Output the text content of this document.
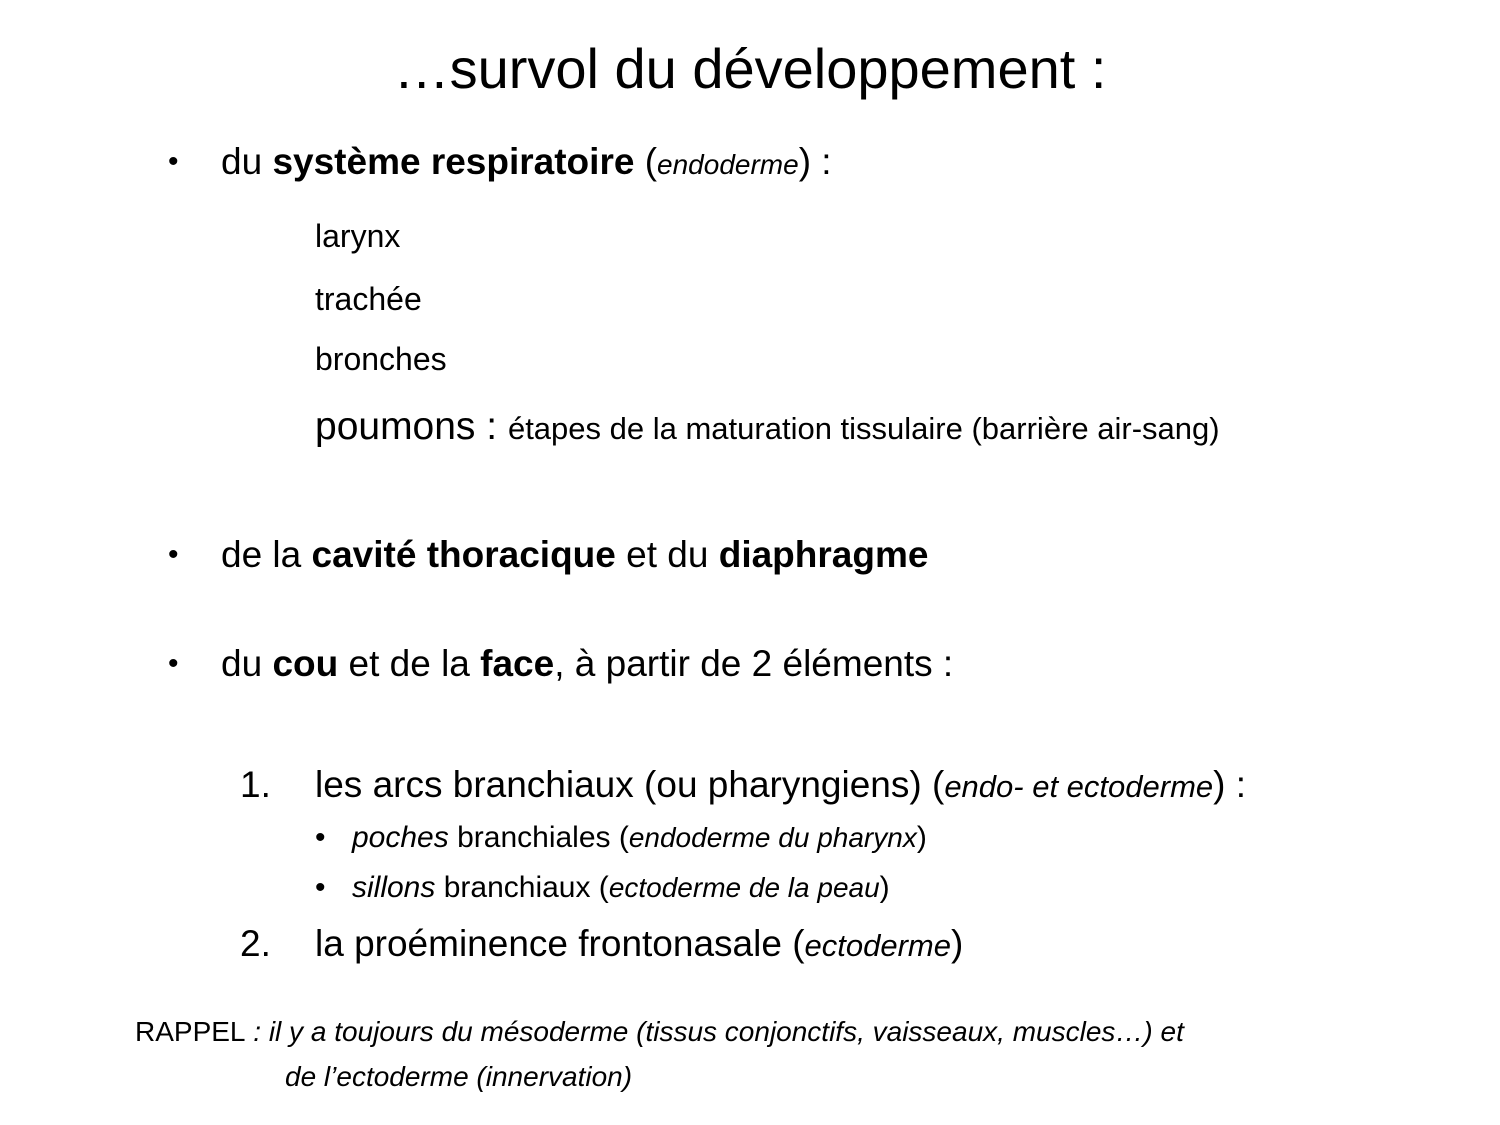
…survol du développement :
• du système respiratoire (endoderme) :
larynx
trachée
bronches
poumons : étapes de la maturation tissulaire (barrière air-sang)
• de la cavité thoracique et du diaphragme
• du cou et de la face, à partir de 2 éléments :
1. les arcs branchiaux (ou pharyngiens) (endo- et ectoderme) :
• poches branchiales (endoderme du pharynx)
• sillons branchiaux (ectoderme de la peau)
2. la proéminence frontonasale (ectoderme)
RAPPEL : il y a toujours du mésoderme (tissus conjonctifs, vaisseaux, muscles…) et
de l’ectoderme (innervation)
